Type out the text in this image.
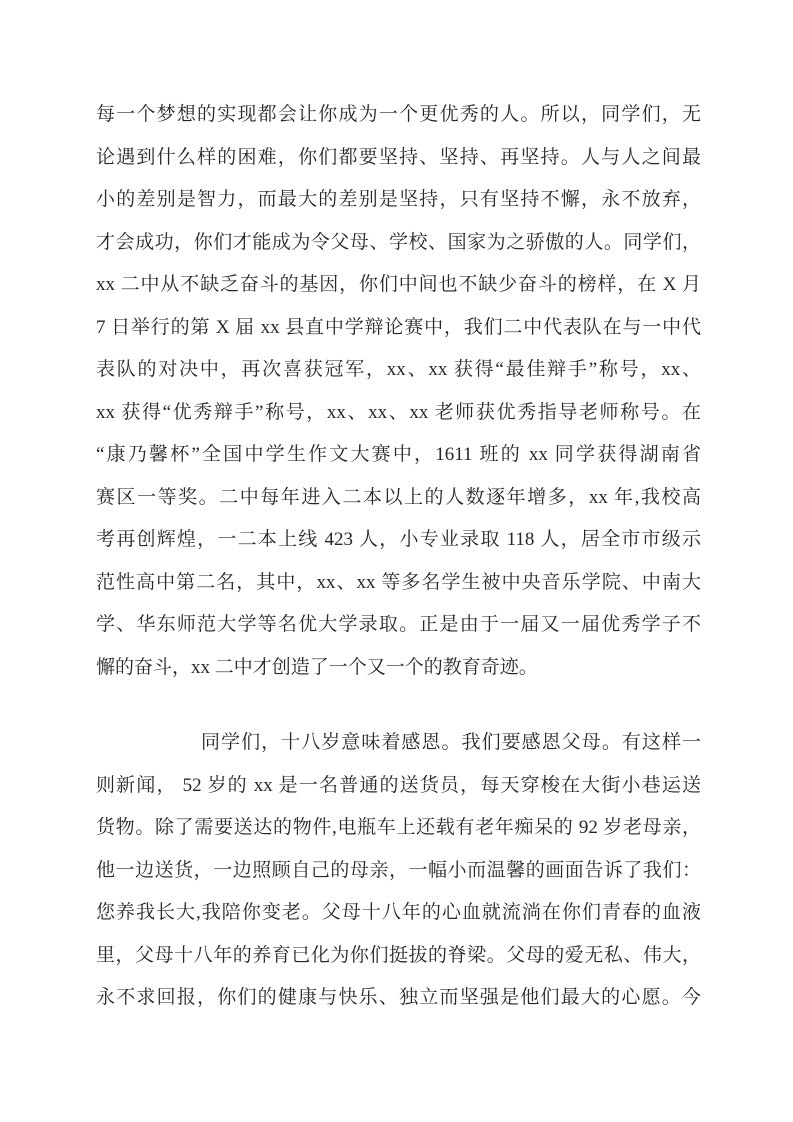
每一个梦想的实现都会让你成为一个更优秀的人。所以，同学们，无
论遇到什么样的困难，你们都要坚持、坚持、再坚持。人与人之间最
小的差别是智力，而最大的差别是坚持，只有坚持不懈，永不放弃，
才会成功，你们才能成为令父母、学校、国家为之骄傲的人。同学们，
xx 二中从不缺乏奋斗的基因，你们中间也不缺少奋斗的榜样，在 X 月
7 日举行的第 X 届 xx 县直中学辩论赛中，我们二中代表队在与一中代
表队的对决中，再次喜获冠军，xx、xx 获得“最佳辩手”称号，xx、
xx 获得“优秀辩手”称号，xx、xx、xx 老师获优秀指导老师称号。在
“康乃馨杯”全国中学生作文大赛中，1611 班的 xx 同学获得湖南省
赛区一等奖。二中每年进入二本以上的人数逐年增多，xx 年,我校高
考再创辉煌，一二本上线 423 人，小专业录取 118 人，居全市市级示
范性高中第二名，其中，xx、xx 等多名学生被中央音乐学院、中南大
学、华东师范大学等名优大学录取。正是由于一届又一届优秀学子不
懈的奋斗，xx 二中才创造了一个又一个的教育奇迹。
同学们，十八岁意味着感恩。我们要感恩父母。有这样一
则新闻， 52 岁的 xx 是一名普通的送货员，每天穿梭在大街小巷运送
货物。除了需要送达的物件,电瓶车上还载有老年痴呆的 92 岁老母亲，
他一边送货，一边照顾自己的母亲，一幅小而温馨的画面告诉了我们：
您养我长大,我陪你变老。父母十八年的心血就流淌在你们青春的血液
里，父母十八年的养育已化为你们挺拔的脊梁。父母的爱无私、伟大，
永不求回报，你们的健康与快乐、独立而坚强是他们最大的心愿。今
